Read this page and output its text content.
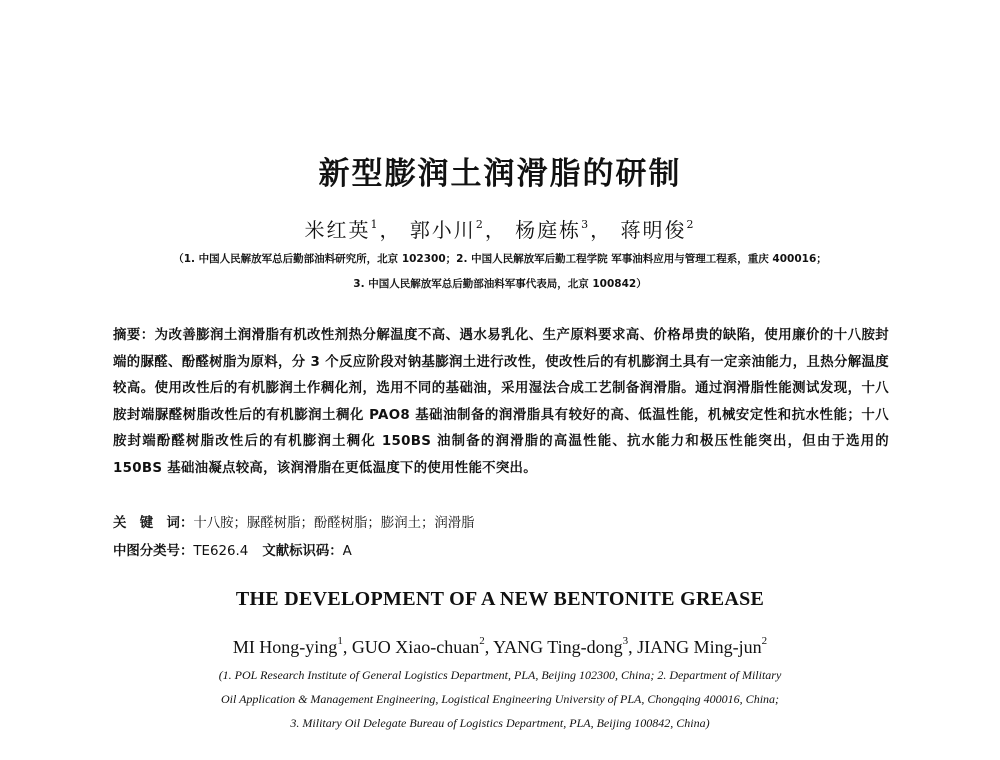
新型膨润土润滑脂的研制
米红英$^1$， 郭小川$^2$， 杨庭栋$^3$， 蒋明俊$^2$
（1. 中国人民解放军总后勤部油料研究所，北京 102300；2. 中国人民解放军后勤工程学院 军事油料应用与管理工程系，重庆 400016；
3. 中国人民解放军总后勤部油料军事代表局，北京 100842）
摘要：为改善膨润土润滑脂有机改性剂热分解温度不高、遇水易乳化、生产原料要求高、价格昂贵的缺陷，使用廉价的十八胺封端的脲醛、酚醛树脂为原料，分 3 个反应阶段对钠基膨润土进行改性，使改性后的有机膨润土具有一定亲油能力，且热分解温度较高。使用改性后的有机膨润土作稠化剂，选用不同的基础油，采用湿法合成工艺制备润滑脂。通过润滑脂性能测试发现，十八胺封端脲醛树脂改性后的有机膨润土稠化 PAO8 基础油制备的润滑脂具有较好的高、低温性能，机械安定性和抗水性能；十八胺封端酚醛树脂改性后的有机膨润土稠化 150BS 油制备的润滑脂的高温性能、抗水能力和极压性能突出，但由于选用的 150BS 基础油凝点较高，该润滑脂在更低温度下的使用性能不突出。
关　键　词：十八胺；脲醛树脂；酚醛树脂；膨润土；润滑脂
中图分类号：TE626.4 文献标识码：A
THE DEVELOPMENT OF A NEW BENTONITE GREASE
MI Hong-ying$^1$, GUO Xiao-chuan$^2$, YANG Ting-dong$^3$, JIANG Ming-jun$^2$
(1. POL Research Institute of General Logistics Department, PLA, Beijing 102300, China; 2. Department of Military
Oil Application & Management Engineering, Logistical Engineering University of PLA, Chongqing 400016, China;
3. Military Oil Delegate Bureau of Logistics Department, PLA, Beijing 100842, China)
